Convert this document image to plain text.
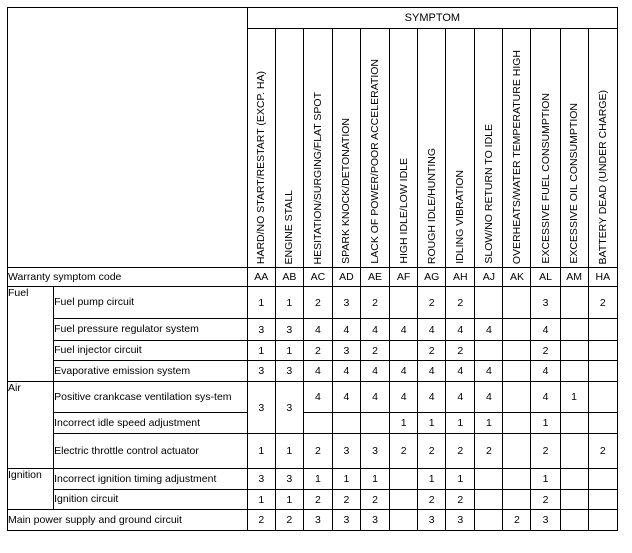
		SYMPTOM												
		HARD/NO START/RESTART (EXCP. HA)	ENGINE STALL	HESITATION/SURGING/FLAT SPOT	SPARK KNOCK/DETONATION	LACK OF POWER/POOR ACCELERATION	HIGH IDLE/LOW IDLE	ROUGH IDLE/HUNTING	IDLING VIBRATION	SLOW/NO RETURN TO IDLE	OVERHEATS/WATER TEMPERATURE HIGH	EXCESSIVE FUEL CONSUMPTION	EXCESSIVE OIL CONSUMPTION	BATTERY DEAD (UNDER CHARGE)
Warranty symptom code		AA	AB	AC	AD	AE	AF	AG	AH	AJ	AK	AL	AM	HA
Fuel	Fuel pump circuit	1	1	2	3	2		2	2			3		2
	Fuel pressure regulator system	3	3	4	4	4	4	4	4	4		4		
	Fuel injector circuit	1	1	2	3	2		2	2			2		
	Evaporative emission system	3	3	4	4	4	4	4	4	4		4		
Air	Positive crankcase ventilation sys-tem	3	3	4	4	4	4	4	4	4		4	1	
	Incorrect idle speed adjustment						1	1	1	1		1		
	Electric throttle control actuator	1	1	2	3	3	2	2	2	2		2		2
Ignition	Incorrect ignition timing adjustment	3	3	1	1	1		1	1			1		
	Ignition circuit	1	1	2	2	2		2	2			2		
Main power supply and ground circuit		2	2	3	3	3		3	3		2	3		
